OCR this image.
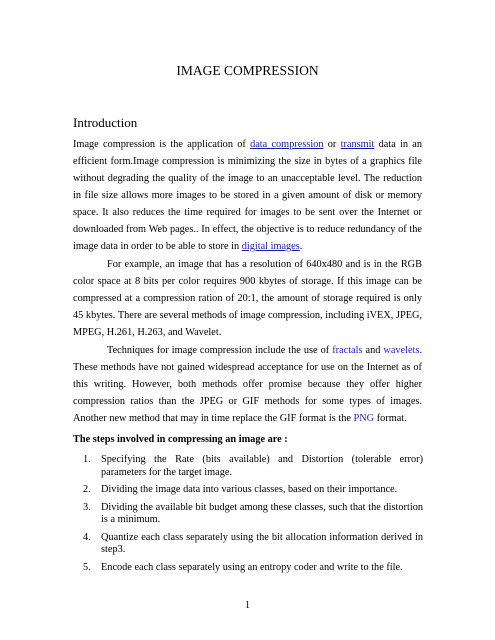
IMAGE COMPRESSION
Introduction

Image compression is the application of data compression or transmit data in an efficient form.Image compression is minimizing the size in bytes of a graphics file without degrading the quality of the image to an unacceptable level. The reduction in file size allows more images to be stored in a given amount of disk or memory space. It also reduces the time required for images to be sent over the Internet or downloaded from Web pages.. In effect, the objective is to reduce redundancy of the image data in order to be able to store in digital images.

For example, an image that has a resolution of 640x480 and is in the RGB color space at 8 bits per color requires 900 kbytes of storage. If this image can be compressed at a compression ration of 20:1, the amount of storage required is only 45 kbytes. There are several methods of image compression, including iVEX, JPEG, MPEG, H.261, H.263, and Wavelet.

Techniques for image compression include the use of fractals and wavelets. These methods have not gained widespread acceptance for use on the Internet as of this writing. However, both methods offer promise because they offer higher compression ratios than the JPEG or GIF methods for some types of images. Another new method that may in time replace the GIF format is the PNG format.

The steps involved in compressing an image are :
1. Specifying the Rate (bits available) and Distortion (tolerable error) parameters for the target image.
2. Dividing the image data into various classes, based on their importance.
3. Dividing the available bit budget among these classes, such that the distortion is a minimum.
4. Quantize each class separately using the bit allocation information derived in step3.
5. Encode each class separately using an entropy coder and write to the file.
1
